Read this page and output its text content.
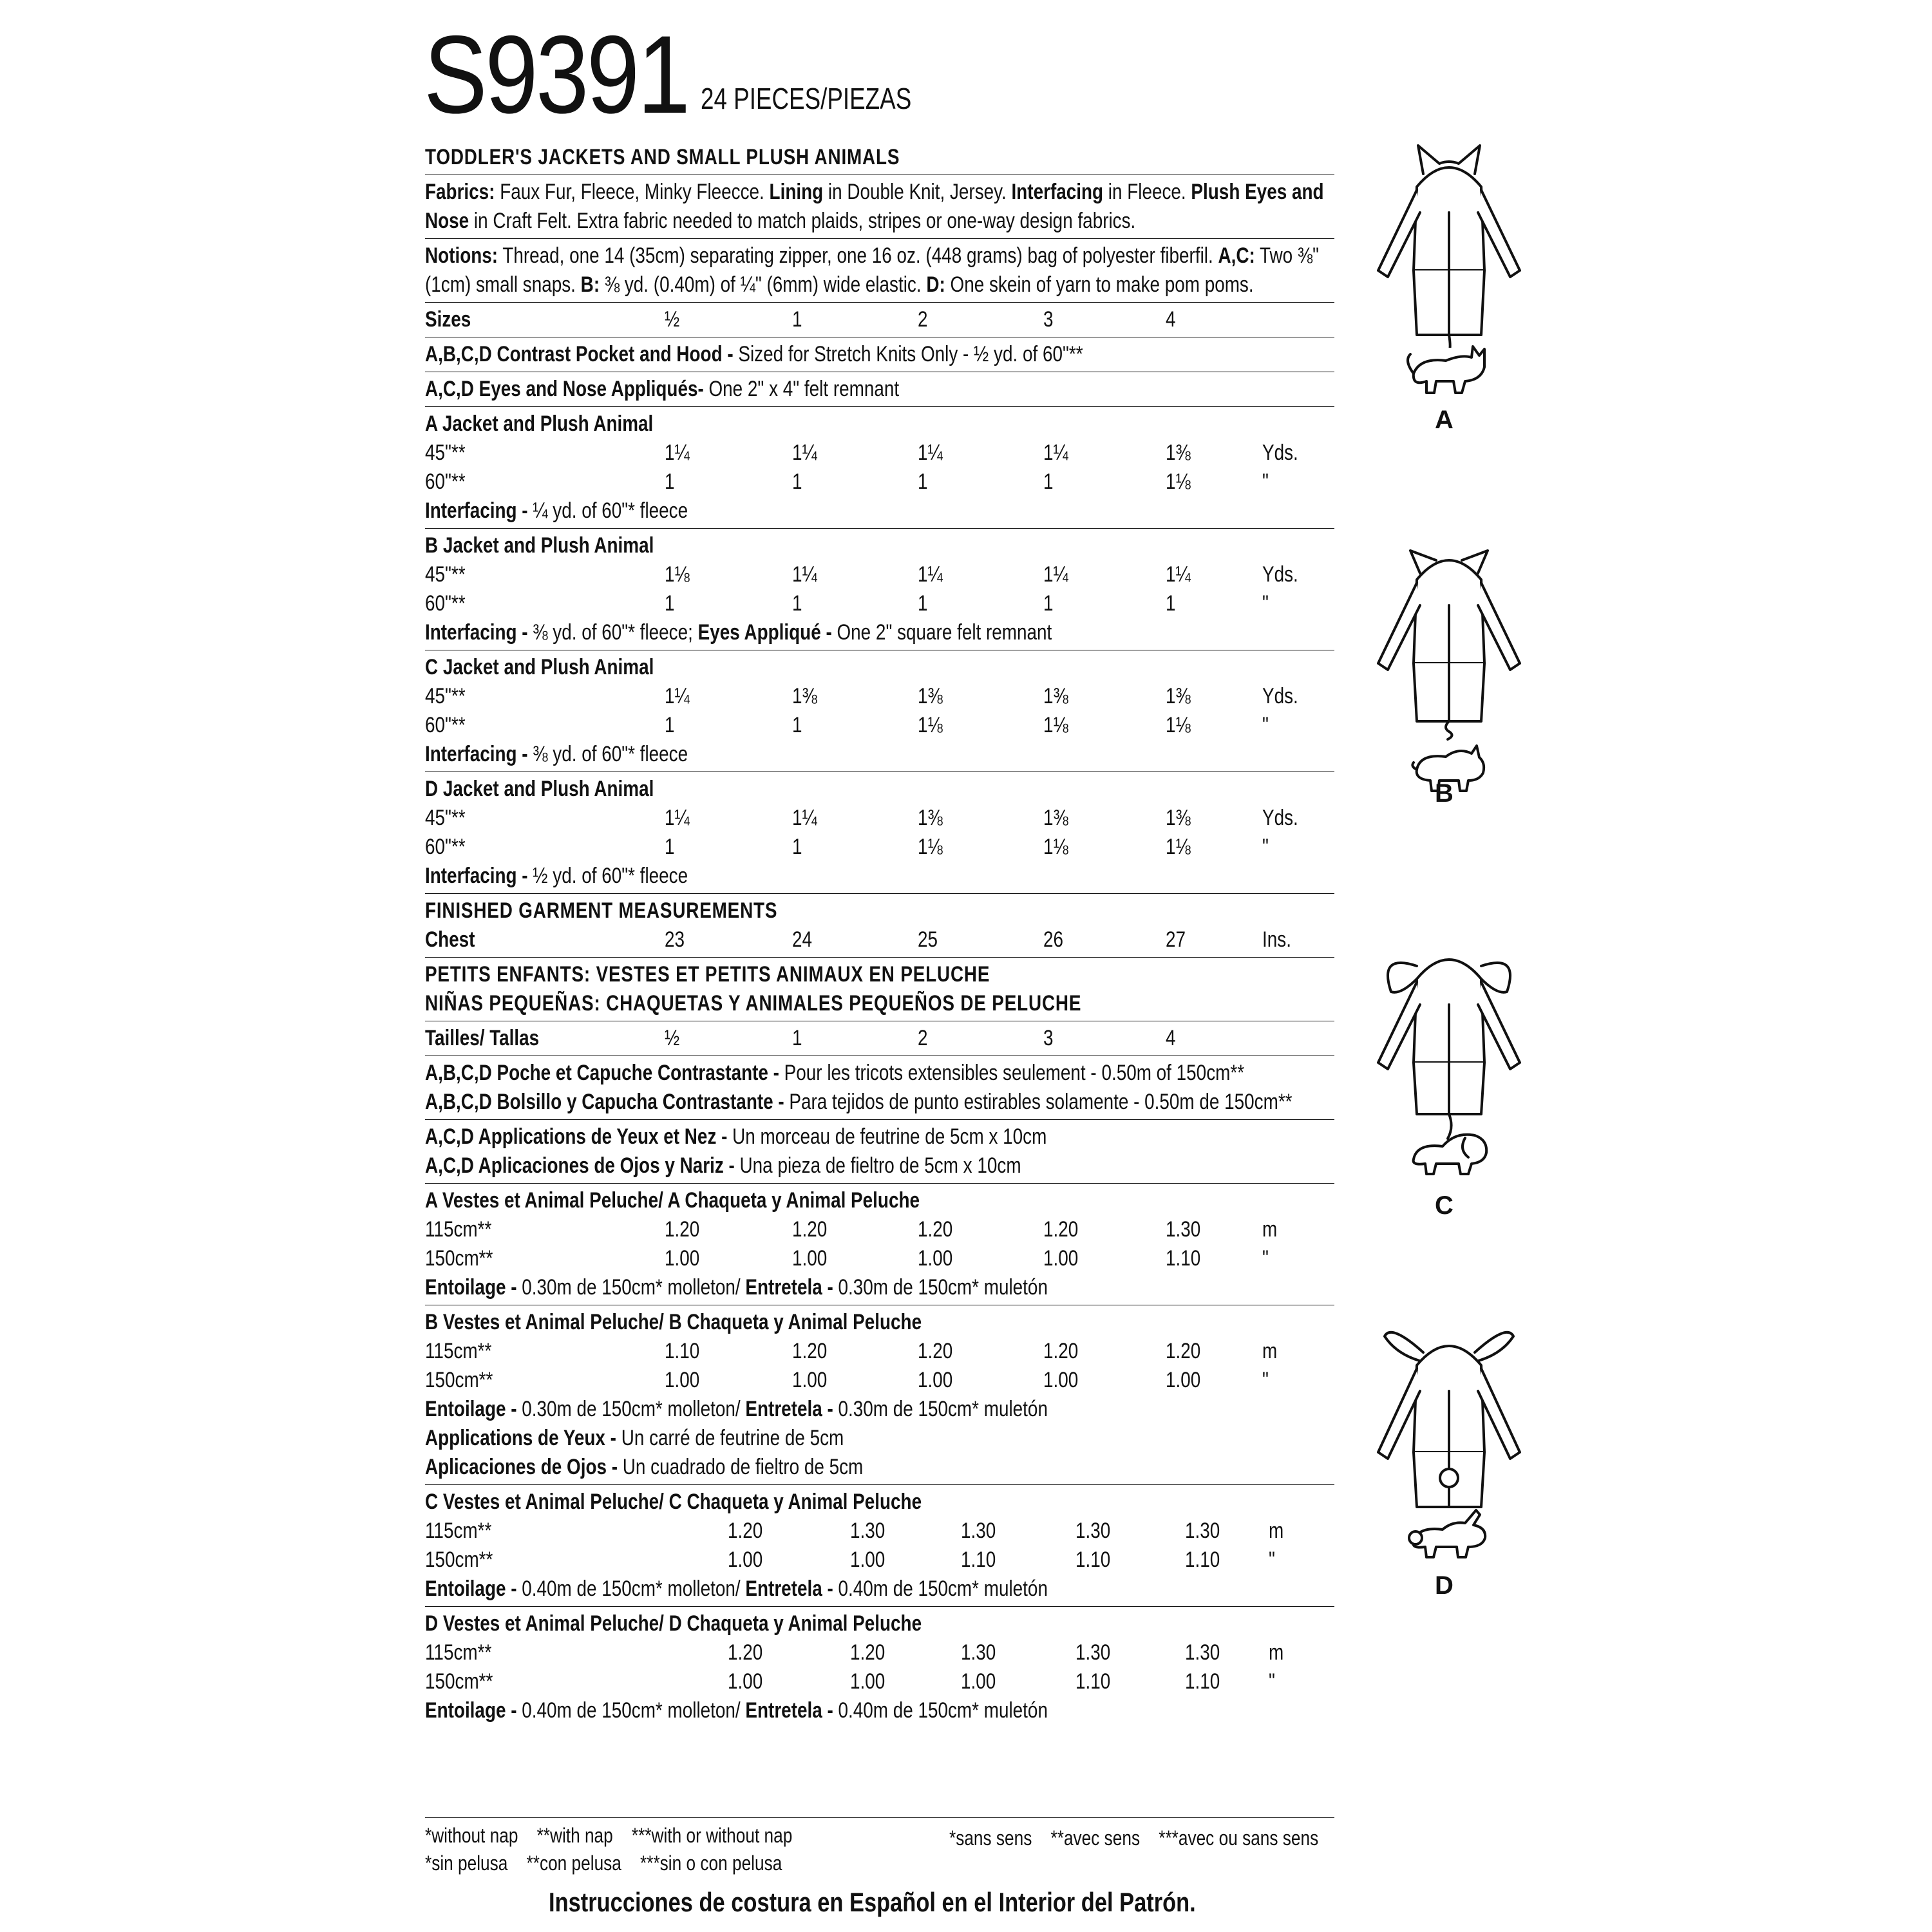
S9391 24 PIECES/PIEZAS
TODDLER'S JACKETS AND SMALL PLUSH ANIMALS
Fabrics: Faux Fur, Fleece, Minky Fleecce. Lining in Double Knit, Jersey. Interfacing in Fleece. Plush Eyes and Nose in Craft Felt. Extra fabric needed to match plaids, stripes or one-way design fabrics.
Notions: Thread, one 14 (35cm) separating zipper, one 16 oz. (448 grams) bag of polyester fiberfil. A,C: Two ⅜" (1cm) small snaps. B: ⅜ yd. (0.40m) of ¼" (6mm) wide elastic. D: One skein of yarn to make pom poms.
Sizes	½	1	2	3	4
A,B,C,D Contrast Pocket and Hood - Sized for Stretch Knits Only - ½ yd. of 60"**
A,C,D Eyes and Nose Appliqués- One 2" x 4" felt remnant
A Jacket and Plush Animal
45"**	1¼	1¼	1¼	1¼	1⅜	Yds.
60"**	1	1	1	1	1⅛	"
Interfacing - ¼ yd. of 60"* fleece
B Jacket and Plush Animal
45"**	1⅛	1¼	1¼	1¼	1¼	Yds.
60"**	1	1	1	1	1	"
Interfacing - ⅜ yd. of 60"* fleece; Eyes Appliqué - One 2" square felt remnant
C Jacket and Plush Animal
45"**	1¼	1⅜	1⅜	1⅜	1⅜	Yds.
60"**	1	1	1⅛	1⅛	1⅛	"
Interfacing - ⅜ yd. of 60"* fleece
D Jacket and Plush Animal
45"**	1¼	1¼	1⅜	1⅜	1⅜	Yds.
60"**	1	1	1⅛	1⅛	1⅛	"
Interfacing - ½ yd. of 60"* fleece
FINISHED GARMENT MEASUREMENTS
Chest	23	24	25	26	27	Ins.
PETITS ENFANTS: VESTES ET PETITS ANIMAUX EN PELUCHE
NIÑAS PEQUEÑAS: CHAQUETAS Y ANIMALES PEQUEÑOS DE PELUCHE
Tailles/ Tallas	½	1	2	3	4
A,B,C,D Poche et Capuche Contrastante - Pour les tricots extensibles seulement - 0.50m of 150cm**
A,B,C,D Bolsillo y Capucha Contrastante - Para tejidos de punto estirables solamente - 0.50m de 150cm**
A,C,D Applications de Yeux et Nez - Un morceau de feutrine de 5cm x 10cm
A,C,D Aplicaciones de Ojos y Nariz - Una pieza de fieltro de 5cm x 10cm
A Vestes et Animal Peluche/ A Chaqueta y Animal Peluche
115cm**	1.20	1.20	1.20	1.20	1.30	m
150cm**	1.00	1.00	1.00	1.00	1.10	"
Entoilage - 0.30m de 150cm* molleton/ Entretela - 0.30m de 150cm* muletón
B Vestes et Animal Peluche/ B Chaqueta y Animal Peluche
115cm**	1.10	1.20	1.20	1.20	1.20	m
150cm**	1.00	1.00	1.00	1.00	1.00	"
Entoilage - 0.30m de 150cm* molleton/ Entretela - 0.30m de 150cm* muletón
Applications de Yeux - Un carré de feutrine de 5cm
Aplicaciones de Ojos - Un cuadrado de fieltro de 5cm
C Vestes et Animal Peluche/ C Chaqueta y Animal Peluche
115cm**	1.20	1.30	1.30	1.30	1.30 m
150cm**	1.00	1.00	1.10	1.10	1.10 "
Entoilage - 0.40m de 150cm* molleton/ Entretela - 0.40m de 150cm* muletón
D Vestes et Animal Peluche/ D Chaqueta y Animal Peluche
115cm**	1.20	1.20	1.30	1.30	1.30 m
150cm**	1.00	1.00	1.00	1.10	1.10 "
Entoilage - 0.40m de 150cm* molleton/ Entretela - 0.40m de 150cm* muletón
*without nap    **with nap    ***with or without nap
*sin pelusa    **con pelusa    ***sin o con pelusa
*sans sens    **avec sens    ***avec ou sans sens
Instrucciones de costura en Español en el Interior del Patrón.
A
B
C
D
